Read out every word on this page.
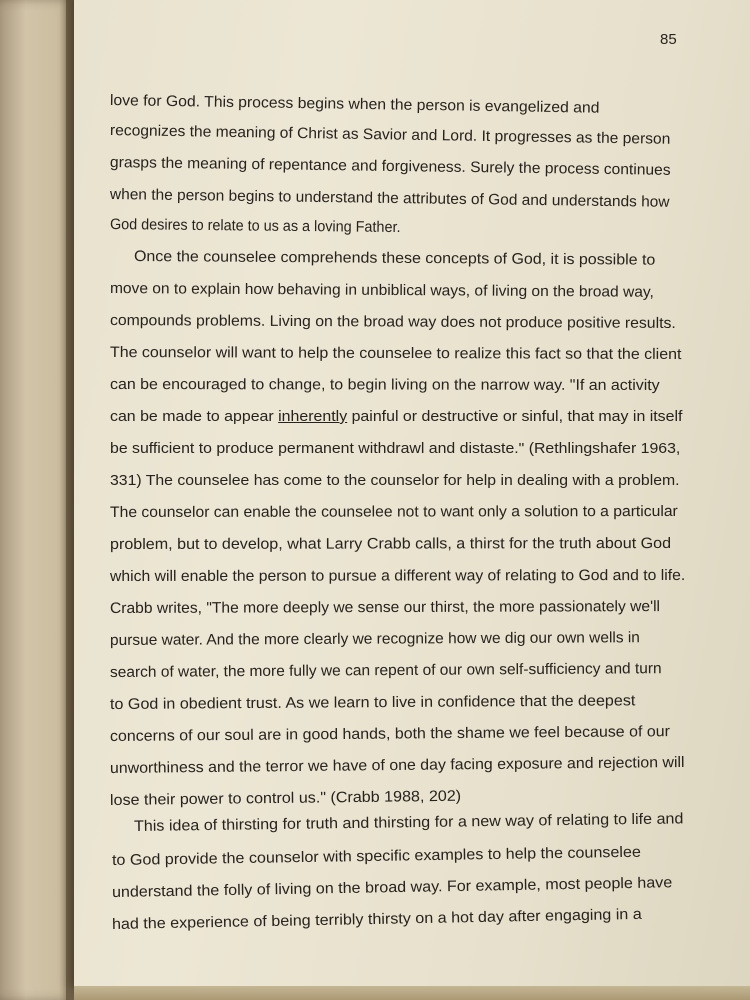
85
love for God. This process begins when the person is evangelized and
recognizes the meaning of Christ as Savior and Lord. It progresses as the person
grasps the meaning of repentance and forgiveness. Surely the process continues
when the person begins to understand the attributes of God and understands how
God desires to relate to us as a loving Father.
Once the counselee comprehends these concepts of God, it is possible to
move on to explain how behaving in unbiblical ways, of living on the broad way,
compounds problems. Living on the broad way does not produce positive results.
The counselor will want to help the counselee to realize this fact so that the client
can be encouraged to change, to begin living on the narrow way. "If an activity
can be made to appear inherently painful or destructive or sinful, that may in itself
be sufficient to produce permanent withdrawl and distaste." (Rethlingshafer 1963,
331) The counselee has come to the counselor for help in dealing with a problem.
The counselor can enable the counselee not to want only a solution to a particular
problem, but to develop, what Larry Crabb calls, a thirst for the truth about God
which will enable the person to pursue a different way of relating to God and to life.
Crabb writes, "The more deeply we sense our thirst, the more passionately we'll
pursue water. And the more clearly we recognize how we dig our own wells in
search of water, the more fully we can repent of our own self-sufficiency and turn
to God in obedient trust. As we learn to live in confidence that the deepest
concerns of our soul are in good hands, both the shame we feel because of our
unworthiness and the terror we have of one day facing exposure and rejection will
lose their power to control us." (Crabb 1988, 202)
This idea of thirsting for truth and thirsting for a new way of relating to life and
to God provide the counselor with specific examples to help the counselee
understand the folly of living on the broad way. For example, most people have
had the experience of being terribly thirsty on a hot day after engaging in a
